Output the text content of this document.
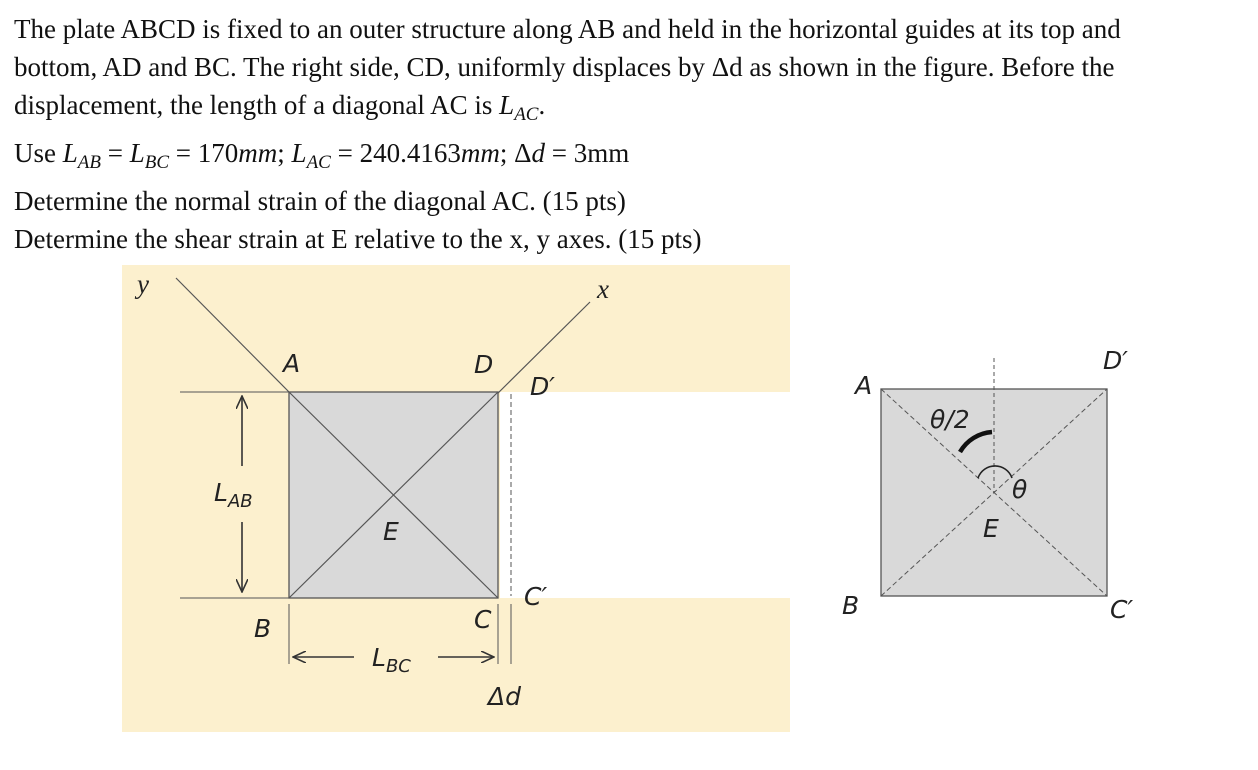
The plate ABCD is fixed to an outer structure along AB and held in the horizontal guides at its top and
bottom, AD and BC. The right side, CD, uniformly displaces by Δd as shown in the figure. Before the
displacement, the length of a diagonal AC is $L_{AC}$.
Use $L_{AB} = L_{BC} = 170mm$; $L_{AC} = 240.4163mm$; Δd = 3mm
Determine the normal strain of the diagonal AC. (15 pts)
Determine the shear strain at E relative to the x, y axes. (15 pts)
y	x
A	D
D′
E
C′
B	C
$L_{AB}$
$L_{BC}$
Δd
A
D′
θ/2
θ
E
B	C′
